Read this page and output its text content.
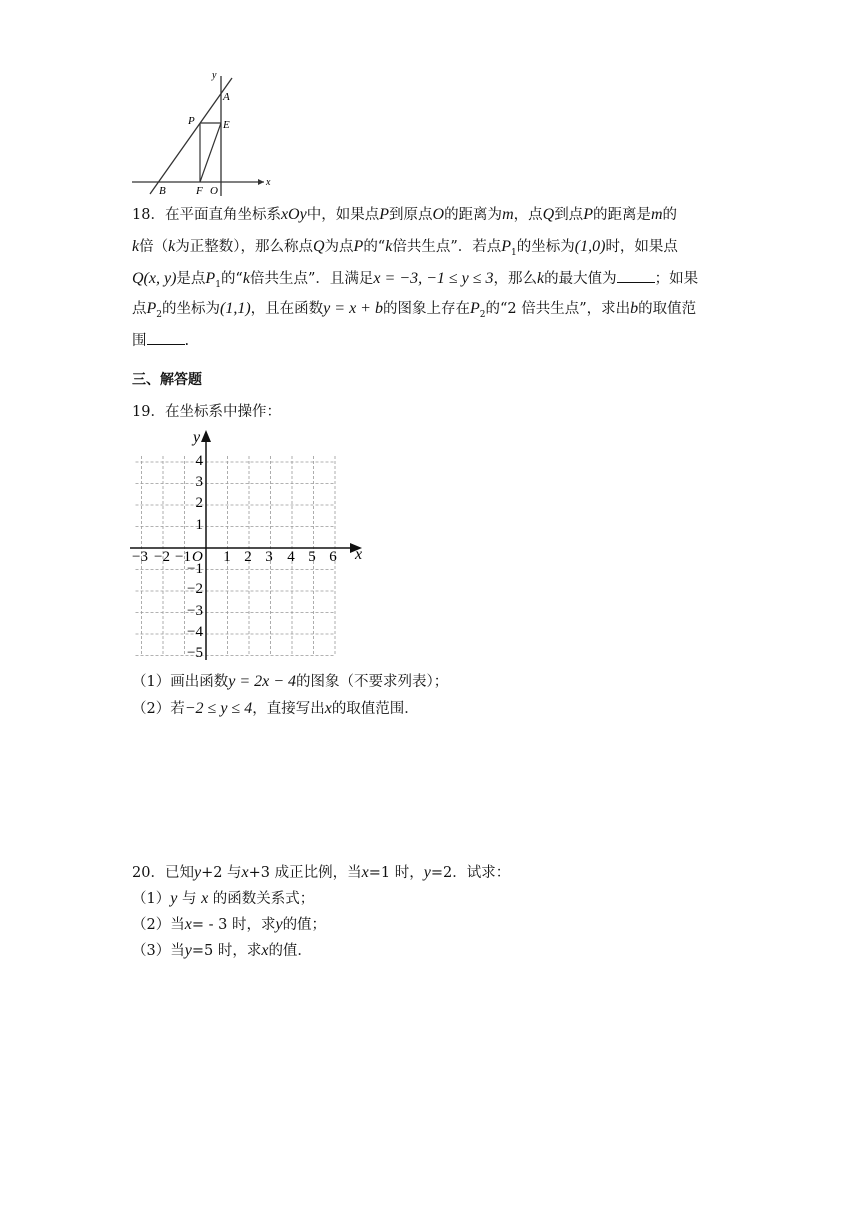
y
x
A
P	E
B	F O
18．在平面直角坐标系xOy中，如果点P到原点O的距离为m，点Q到点P的距离是m的
k倍（k为正整数），那么称点Q为点P的“k倍共生点”．若点$P_1$的坐标为(1,0)时，如果点
Q(x, y)是点$P_1$的“k倍共生点”．且满足x = −3, −1 ≤ y ≤ 3，那么k的最大值为	；如果
点$P_2$的坐标为(1,1)，且在函数y = x + b的图象上存在$P_2$的“2 倍共生点”，求出b的取值范
围	.
三、解答题
19．在坐标系中操作：
y
x
O
4
3
2
1
−1
−2
−3
−4
−5
−3 −2 −1 1 2 3 4 5 6
（1）画出函数y = 2x − 4的图象（不要求列表）；
（2）若−2 ≤ y ≤ 4，直接写出x的取值范围．
20．已知y+2 与x+3 成正比例，当x=1 时，y=2．试求：
（1）y 与 x 的函数关系式；
（2）当x= - 3 时，求y的值；
（3）当y=5 时，求x的值．
